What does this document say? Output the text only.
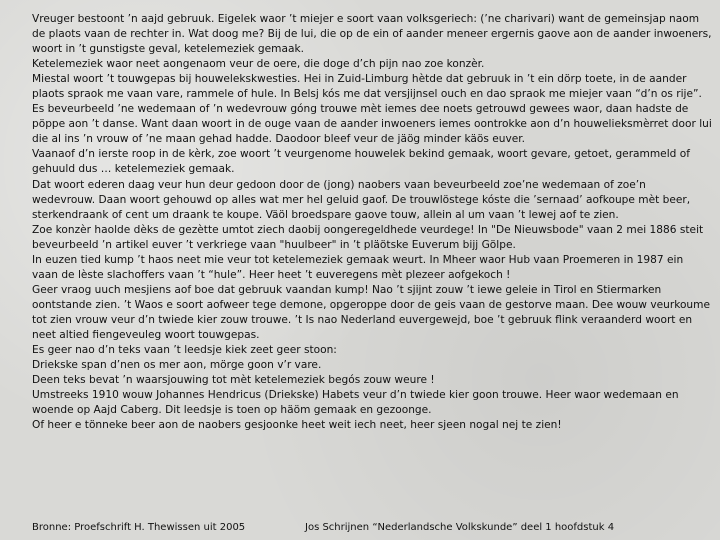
Vreuger bestoont ’n aajd gebruuk. Eigelek waor ’t miejer e soort vaan volksgeriech: (’ne charivari) want de gemeinsjap naom de plaots vaan de rechter in. Wat doog me? Bij de lui, die op de ein of aander meneer ergernis gaove aon de aander inwoeners, woort in ’t gunstigste geval, ketelemeziek gemaak.

Ketelemeziek waor neet aongenaom veur de oere, die doge d’ch pijn nao zoe konzèr.

Miestal woort ’t touwgepas bij houwelekskwesties. Hei in Zuid-Limburg hètde dat gebruuk in ’t ein dörp toete, in de aander plaots spraok me vaan vare, rammele of hule. In Belsj kós me dat versjijnsel ouch en dao spraok me miejer vaan “d’n os rije”. Es beveurbeeld ’ne wedemaan of ’n wedevrouw góng trouwe mèt iemes dee noets getrouwd gewees waor, daan hadste de pöppe aon ’t danse. Want daan woort in de ouge vaan de aander inwoeners iemes oontrokke aon d’n houwelieksmèrret door lui die al ins ’n vrouw of ’ne maan gehad hadde. Daodoor bleef veur de jäög minder käös euver.

Vaanaof d’n ierste roop in de kèrk, zoe woort ’t veurgenome houwelek bekind gemaak, woort gevare, getoet, gerammeld of gehuuld dus … ketelemeziek gemaak.

Dat woort ederen daag veur hun deur gedoon door de (jong) naobers vaan beveurbeeld zoe’ne wedemaan of zoe’n wedevrouw. Daan woort gehouwd op alles wat mer hel geluid gaof. De trouwlöstege kóste die ’sernaad’ aofkoupe mèt beer, sterkendraank of cent um draank te koupe. Väöl broedspare gaove touw, allein al um vaan ’t lewej aof te zien.

Zoe konzèr haolde dèks de gezètte umtot ziech daobij oongeregeldhede veurdege! In "De Nieuwsbode" vaan 2 mei 1886 steit beveurbeeld ’n artikel euver ’t verkriege vaan "huulbeer" in ’t pläötske Euverum bijj Gölpe.

In euzen tied kump ’t haos neet mie veur tot ketelemeziek gemaak weurt. In Mheer waor Hub vaan Proemeren in 1987 ein vaan de lèste slachoffers vaan ’t “hule”. Heer heet ’t euveregens mèt plezeer aofgekoch !

Geer vraog uuch mesjiens aof boe dat gebruuk vaandan kump! Nao ’t sjijnt zouw ’t iewe geleie in Tirol en Stiermarken oontstande zien. ’t Waos e soort aofweer tege demone, opgeroppe door de geis vaan de gestorve maan. Dee wouw veurkoume tot zien vrouw veur d’n twiede kier zouw trouwe. ’t Is nao Nederland euvergewejd, boe ’t gebruuk flink veraanderd woort en neet altied fiengeveuleg woort touwgepas.

Es geer nao d’n teks vaan ’t leedsje kiek zeet geer stoon:

Driekske span d’nen os mer aon, mörge goon v’r vare.

Deen teks bevat ’n waarsjouwing tot mèt ketelemeziek begós zouw weure !

Umstreeks 1910 wouw Johannes Hendricus (Driekske) Habets veur d’n twiede kier goon trouwe. Heer waor wedemaan en woende op Aajd Caberg. Dit leedsje is toen op häöm gemaak en gezoonge.

Of heer e tönneke beer aon de naobers gesjoonke heet weit iech neet, heer sjeen nogal nej te zien!

Bronne: Proefschrift H. Thewissen uit 2005	Jos Schrijnen “Nederlandsche Volkskunde” deel 1 hoofdstuk 4
